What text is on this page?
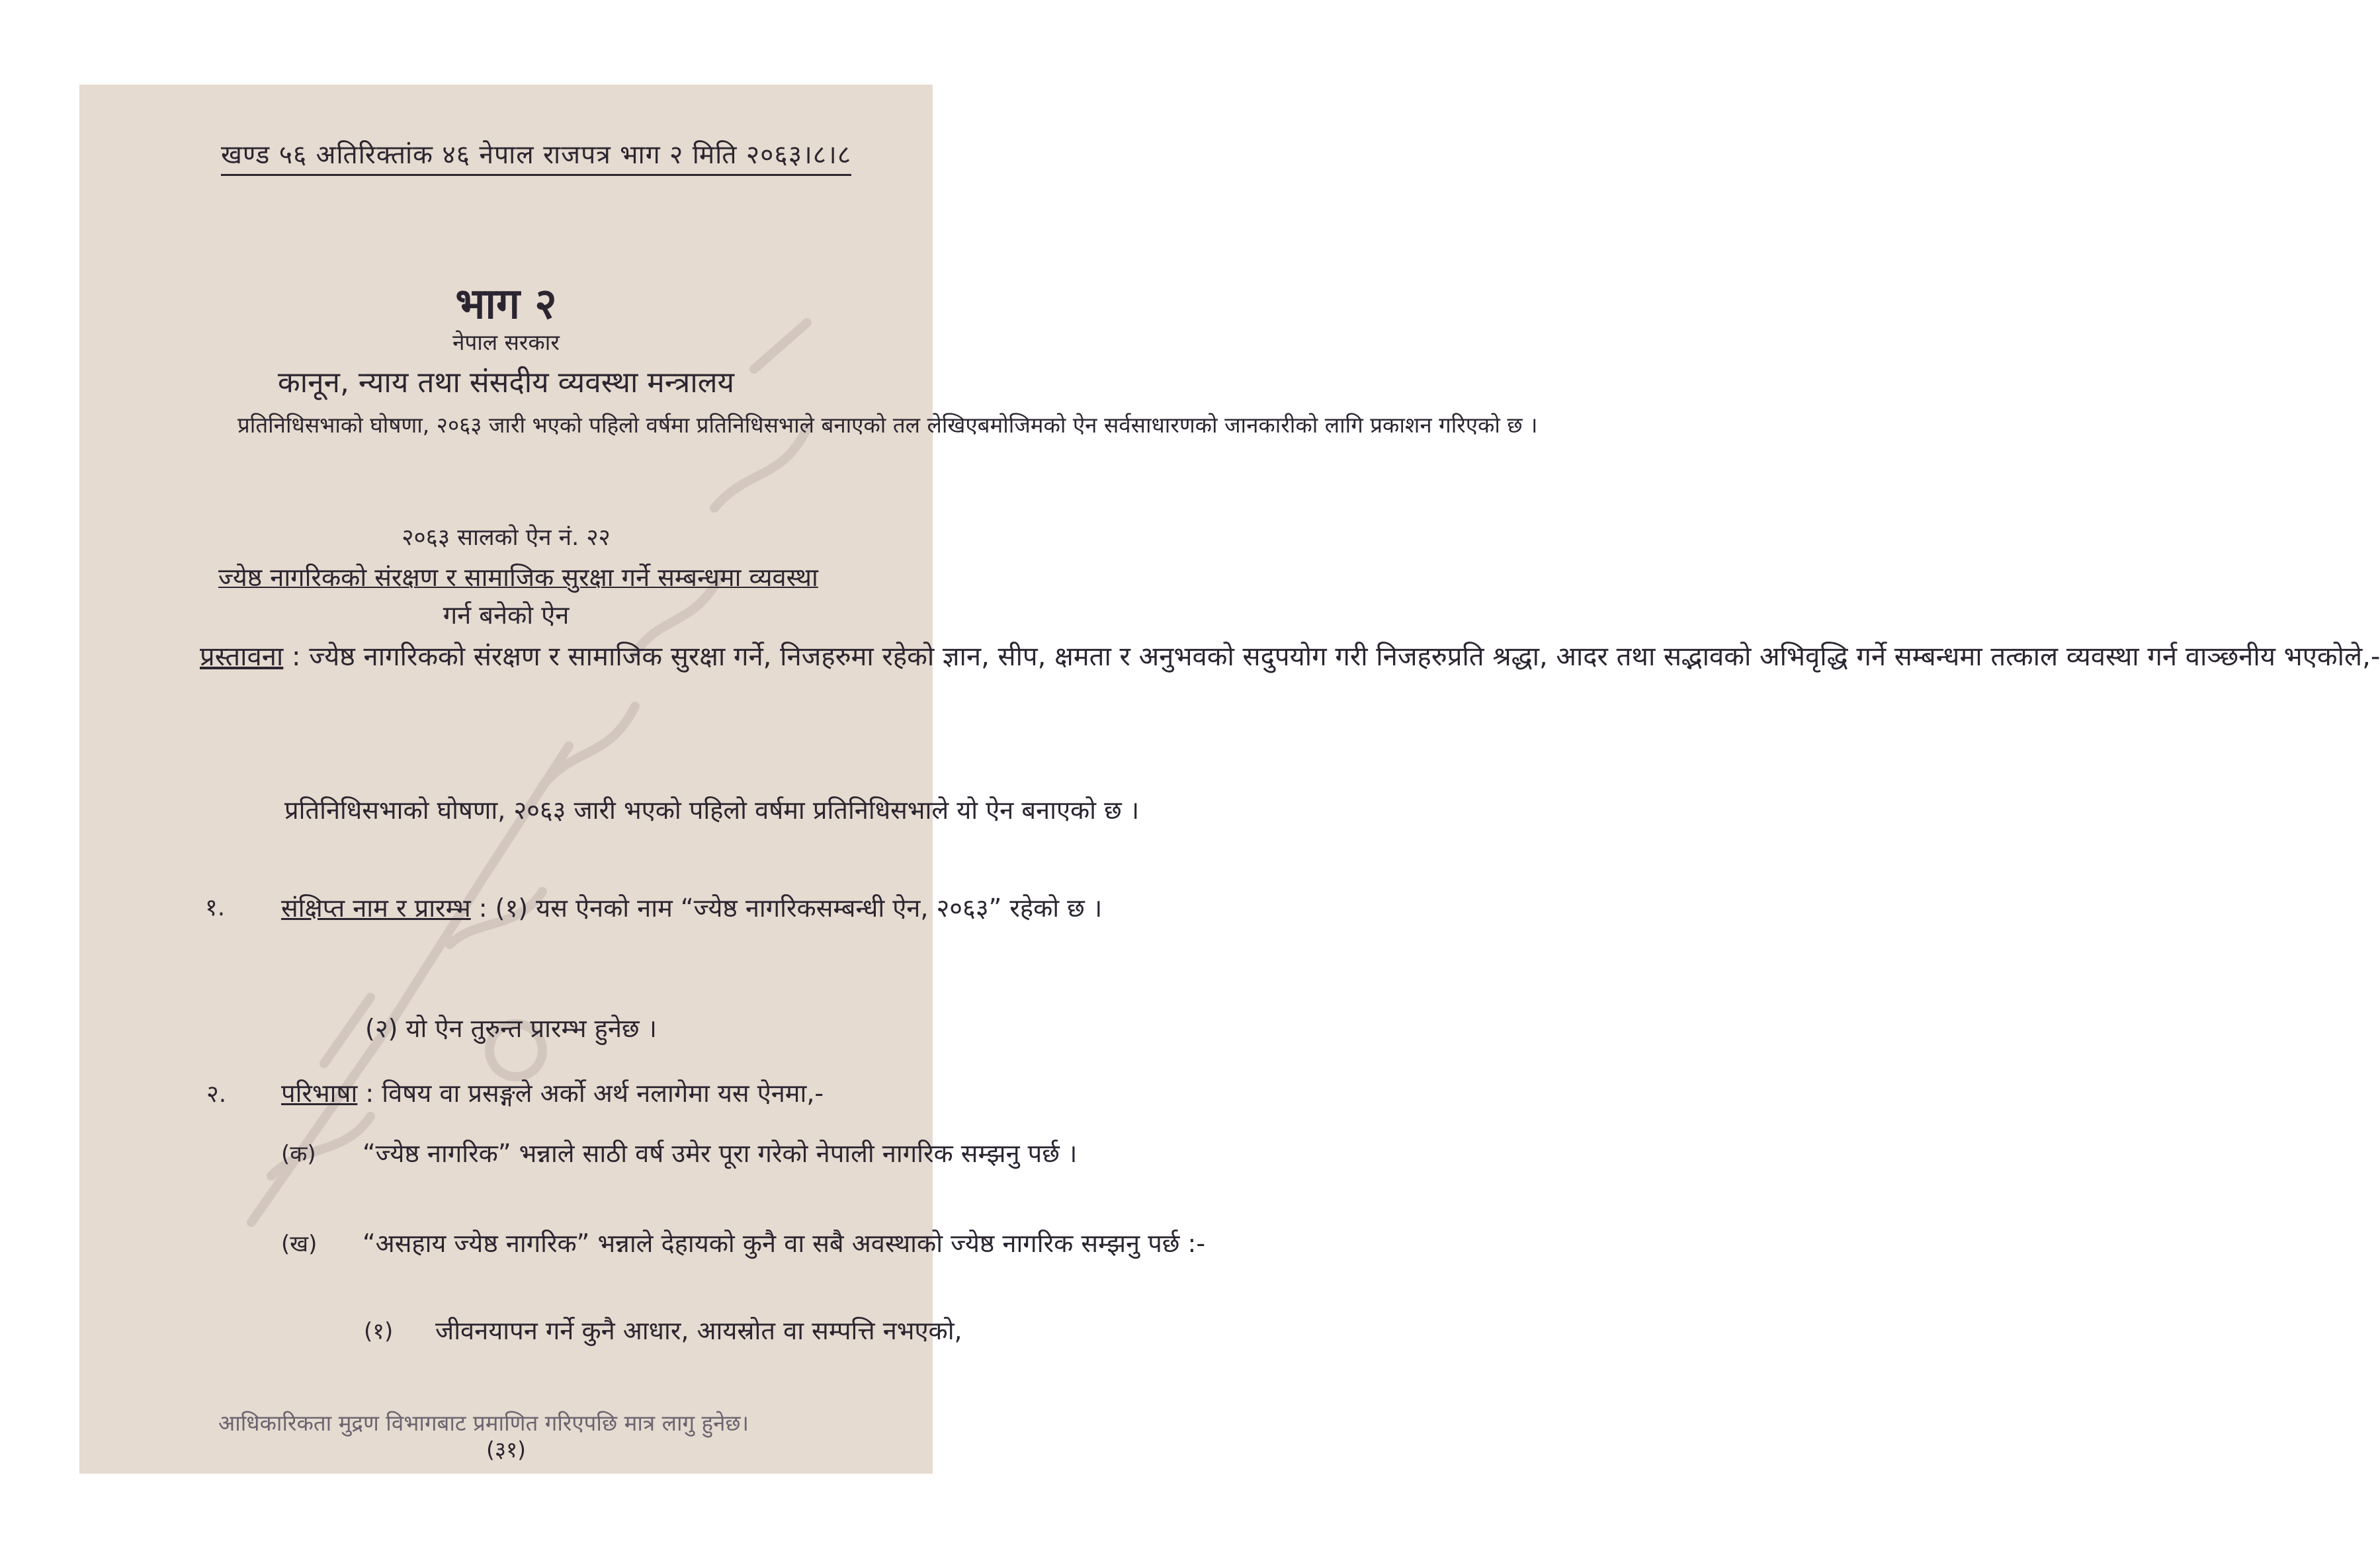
खण्ड ५६ अतिरिक्तांक ४६ नेपाल राजपत्र भाग २ मिति २०६३।८।८
भाग २
नेपाल सरकार
कानून, न्याय तथा संसदीय व्यवस्था मन्त्रालय
प्रतिनिधिसभाको घोषणा, २०६३ जारी भएको पहिलो वर्षमा प्रतिनिधिसभाले बनाएको तल लेखिएबमोजिमको ऐन सर्वसाधारणको जानकारीको लागि प्रकाशन गरिएको छ ।
२०६३ सालको ऐन नं. २२
ज्येष्ठ नागरिकको संरक्षण र सामाजिक सुरक्षा गर्ने सम्बन्धमा व्यवस्था
गर्न बनेको ऐन
प्रस्तावना : ज्येष्ठ नागरिकको संरक्षण र सामाजिक सुरक्षा गर्ने, निजहरुमा रहेको ज्ञान, सीप, क्षमता र अनुभवको सदुपयोग गरी निजहरुप्रति श्रद्धा, आदर तथा सद्भावको अभिवृद्धि गर्ने सम्बन्धमा तत्काल व्यवस्था गर्न वाञ्छनीय भएकोले,-
प्रतिनिधिसभाको घोषणा, २०६३ जारी भएको पहिलो वर्षमा प्रतिनिधिसभाले यो ऐन बनाएको छ ।
१. संक्षिप्त नाम र प्रारम्भ : (१) यस ऐनको नाम “ज्येष्ठ नागरिकसम्बन्धी ऐन, २०६३” रहेको छ ।
(२) यो ऐन तुरुन्त प्रारम्भ हुनेछ ।
२. परिभाषा : विषय वा प्रसङ्गले अर्को अर्थ नलागेमा यस ऐनमा,-
(क) “ज्येष्ठ नागरिक” भन्नाले साठी वर्ष उमेर पूरा गरेको नेपाली नागरिक सम्झनु पर्छ ।
(ख) “असहाय ज्येष्ठ नागरिक” भन्नाले देहायको कुनै वा सबै अवस्थाको ज्येष्ठ नागरिक सम्झनु पर्छ :-
(१) जीवनयापन गर्ने कुनै आधार, आयस्रोत वा सम्पत्ति नभएको,
आधिकारिकता मुद्रण विभागबाट प्रमाणित गरिएपछि मात्र लागु हुनेछ।
(३१)
